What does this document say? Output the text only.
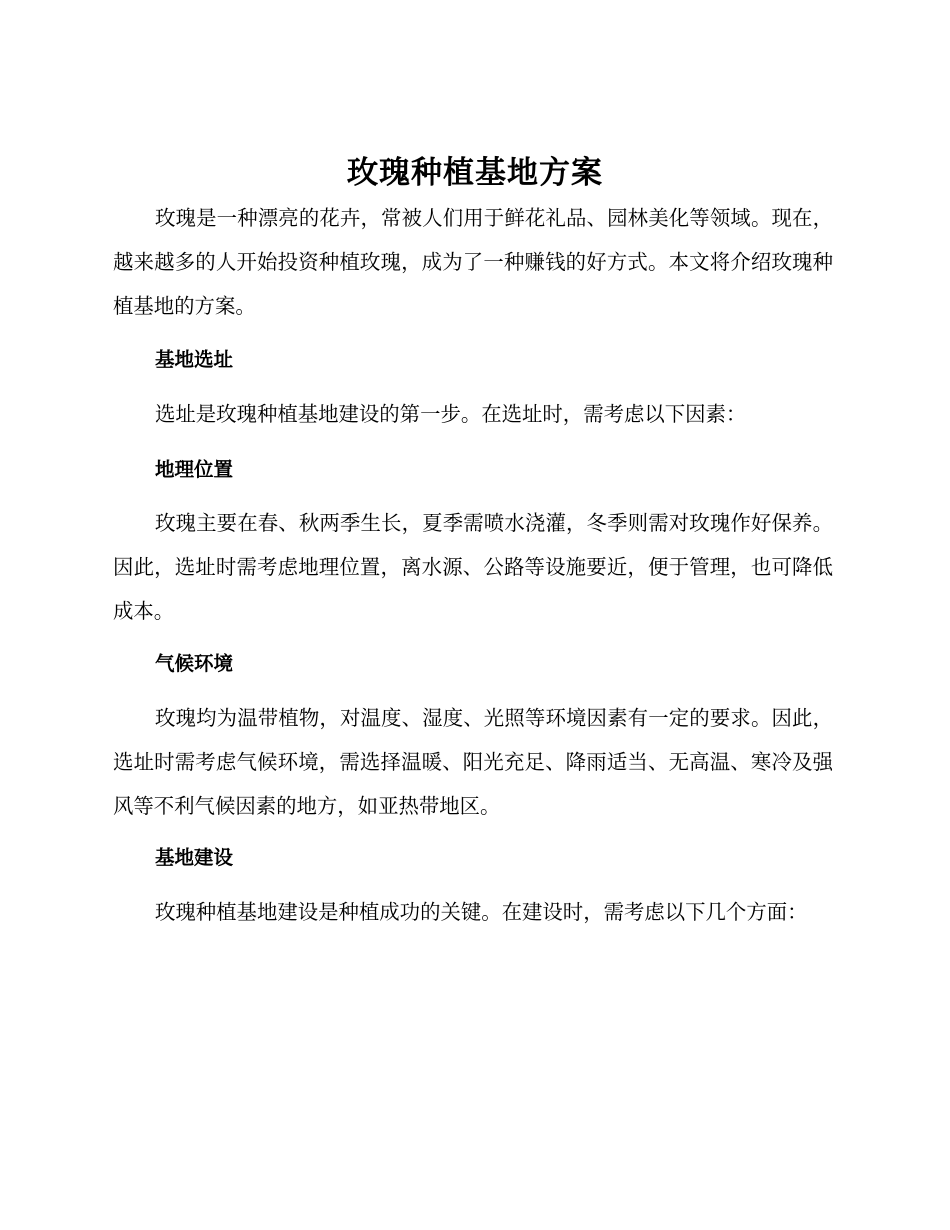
玫瑰种植基地方案

玫瑰是一种漂亮的花卉，常被人们用于鲜花礼品、园林美化等领域。现在，越来越多的人开始投资种植玫瑰，成为了一种赚钱的好方式。本文将介绍玫瑰种植基地的方案。

基地选址

选址是玫瑰种植基地建设的第一步。在选址时，需考虑以下因素：

地理位置

玫瑰主要在春、秋两季生长，夏季需喷水浇灌，冬季则需对玫瑰作好保养。因此，选址时需考虑地理位置，离水源、公路等设施要近，便于管理，也可降低成本。

气候环境

玫瑰均为温带植物，对温度、湿度、光照等环境因素有一定的要求。因此，选址时需考虑气候环境，需选择温暖、阳光充足、降雨适当、无高温、寒冷及强风等不利气候因素的地方，如亚热带地区。

基地建设

玫瑰种植基地建设是种植成功的关键。在建设时，需考虑以下几个方面：
